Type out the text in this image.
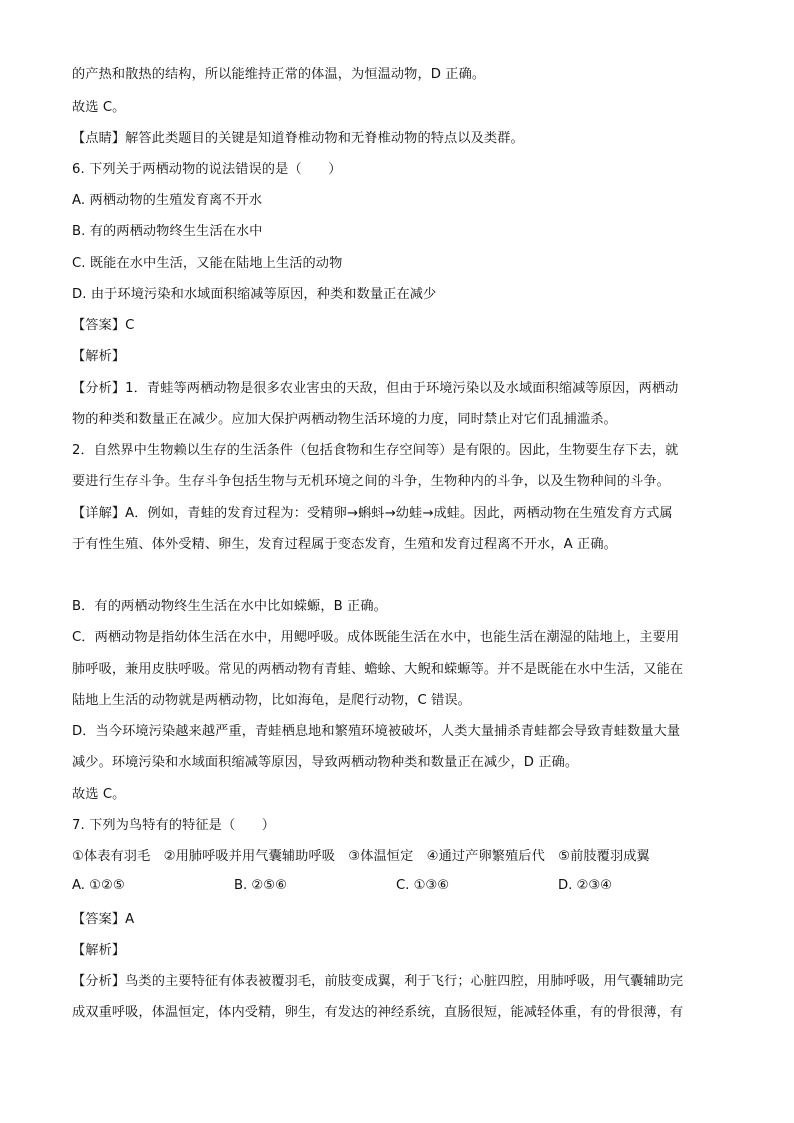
的产热和散热的结构，所以能维持正常的体温，为恒温动物，D 正确。
故选 C。
【点睛】解答此类题目的关键是知道脊椎动物和无脊椎动物的特点以及类群。
6. 下列关于两栖动物的说法错误的是（　　）
A. 两栖动物的生殖发育离不开水
B. 有的两栖动物终生生活在水中
C. 既能在水中生活，又能在陆地上生活的动物
D. 由于环境污染和水域面积缩减等原因，种类和数量正在减少
【答案】C
【解析】
【分析】1．青蛙等两栖动物是很多农业害虫的天敌，但由于环境污染以及水域面积缩减等原因，两栖动
物的种类和数量正在减少。应加大保护两栖动物生活环境的力度，同时禁止对它们乱捕滥杀。
2．自然界中生物赖以生存的生活条件（包括食物和生存空间等）是有限的。因此，生物要生存下去，就
要进行生存斗争。生存斗争包括生物与无机环境之间的斗争，生物种内的斗争，以及生物种间的斗争。
【详解】A．例如，青蛙的发育过程为：受精卵→蝌蚪→幼蛙→成蛙。因此，两栖动物在生殖发育方式属
于有性生殖、体外受精、卵生，发育过程属于变态发育，生殖和发育过程离不开水，A 正确。
B．有的两栖动物终生生活在水中比如蝾螈，B 正确。
C．两栖动物是指幼体生活在水中，用鳃呼吸。成体既能生活在水中，也能生活在潮湿的陆地上，主要用
肺呼吸，兼用皮肤呼吸。常见的两栖动物有青蛙、蟾蜍、大鲵和蝾螈等。并不是既能在水中生活，又能在
陆地上生活的动物就是两栖动物，比如海龟，是爬行动物，C 错误。
D．当今环境污染越来越严重，青蛙栖息地和繁殖环境被破坏，人类大量捕杀青蛙都会导致青蛙数量大量
减少。环境污染和水域面积缩减等原因，导致两栖动物种类和数量正在减少，D 正确。
故选 C。
7. 下列为鸟特有的特征是（　　）
①体表有羽毛　②用肺呼吸并用气囊辅助呼吸　③体温恒定　④通过产卵繁殖后代　⑤前肢覆羽成翼
A. ①②⑤	B. ②⑤⑥	C. ①③⑥	D. ②③④
【答案】A
【解析】
【分析】鸟类的主要特征有体表被覆羽毛，前肢变成翼，利于飞行；心脏四腔，用肺呼吸，用气囊辅助完
成双重呼吸，体温恒定，体内受精，卵生，有发达的神经系统，直肠很短，能减轻体重，有的骨很薄，有
